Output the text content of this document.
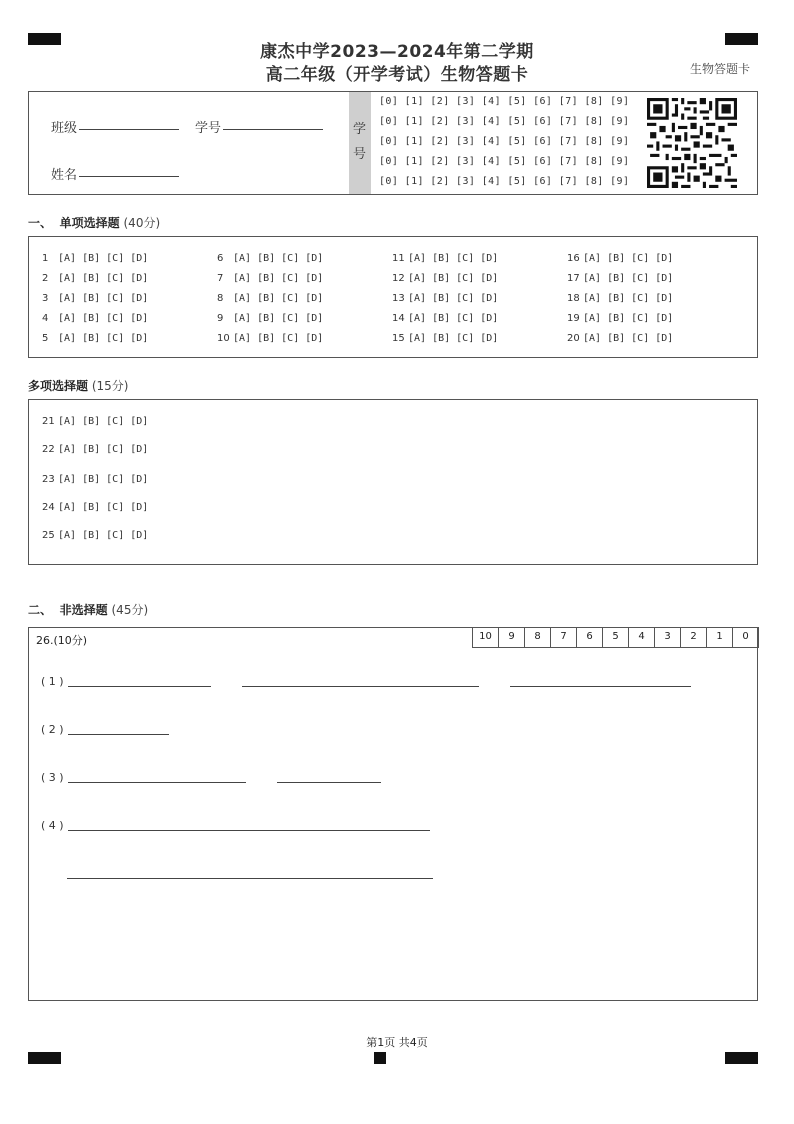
康杰中学2023—2024年第二学期
高二年级（开学考试）生物答题卡	生物答题卡
班级	学号
姓名
学
号
[0] [1] [2] [3] [4] [5] [6] [7] [8] [9]
[0] [1] [2] [3] [4] [5] [6] [7] [8] [9]
[0] [1] [2] [3] [4] [5] [6] [7] [8] [9]
[0] [1] [2] [3] [4] [5] [6] [7] [8] [9]
[0] [1] [2] [3] [4] [5] [6] [7] [8] [9]
一、 单项选择题 (40分)
1 [A] [B] [C] [D]
2 [A] [B] [C] [D]
3 [A] [B] [C] [D]
4 [A] [B] [C] [D]
5 [A] [B] [C] [D]
6 [A] [B] [C] [D]
7 [A] [B] [C] [D]
8 [A] [B] [C] [D]
9 [A] [B] [C] [D]
10 [A] [B] [C] [D]
11 [A] [B] [C] [D]
12 [A] [B] [C] [D]
13 [A] [B] [C] [D]
14 [A] [B] [C] [D]
15 [A] [B] [C] [D]
16 [A] [B] [C] [D]
17 [A] [B] [C] [D]
18 [A] [B] [C] [D]
19 [A] [B] [C] [D]
20 [A] [B] [C] [D]
多项选择题 (15分)
21 [A] [B] [C] [D]
22 [A] [B] [C] [D]
23 [A] [B] [C] [D]
24 [A] [B] [C] [D]
25 [A] [B] [C] [D]
二、 非选择题 (45分)
26.(10分)	10	9	8	7	6	5	4	3	2	1	0
( 1 )
( 2 )
( 3 )
( 4 )
第1页 共4页
